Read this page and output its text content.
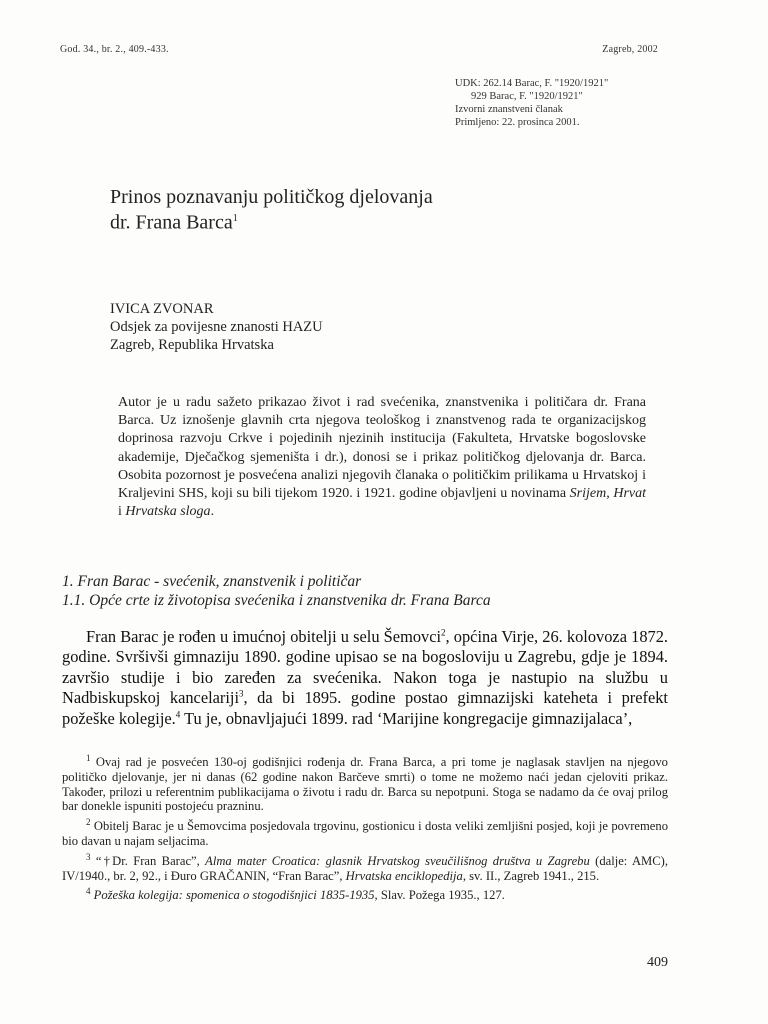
God. 34., br. 2., 409.-433.	Zagreb, 2002
UDK: 262.14 Barac, F. "1920/1921"
929 Barac, F. "1920/1921"
Izvorni znanstveni članak
Primljeno: 22. prosinca 2001.
Prinos poznavanju političkog djelovanja
dr. Frana Barca$^1$
IVICA ZVONAR
Odsjek za povijesne znanosti HAZU
Zagreb, Republika Hrvatska

Autor je u radu sažeto prikazao život i rad svećenika, znanstvenika i političara dr. Frana Barca. Uz iznošenje glavnih crta njegova teološkog i znanstvenog rada te organizacijskog doprinosa razvoju Crkve i pojedinih njezinih institucija (Fakulteta, Hrvatske bogoslovske akademije, Dječačkog sjemeništa i dr.), donosi se i prikaz političkog djelovanja dr. Barca. Osobita pozornost je posvećena analizi njegovih članaka o političkim prilikama u Hrvatskoj i Kraljevini SHS, koji su bili tijekom 1920. i 1921. godine objavljeni u novinama Srijem, Hrvat i Hrvatska sloga.

1. Fran Barac - svećenik, znanstvenik i političar
1.1. Opće crte iz životopisa svećenika i znanstvenika dr. Frana Barca

Fran Barac je rođen u imućnoj obitelji u selu Šemovci$^2$, općina Virje, 26. kolovoza 1872. godine. Svršivši gimnaziju 1890. godine upisao se na bogosloviju u Zagrebu, gdje je 1894. završio studije i bio zaređen za svećenika. Nakon toga je nastupio na službu u Nadbiskupskoj kancelariji$^3$, da bi 1895. godine postao gimnazijski kateheta i prefekt požeške kolegije.$^4$ Tu je, obnavljajući 1899. rad ‘Marijine kongregacije gimnazijalaca’,

$^1$ Ovaj rad je posvećen 130-oj godišnjici rođenja dr. Frana Barca, a pri tome je naglasak stavljen na njegovo političko djelovanje, jer ni danas (62 godine nakon Barčeve smrti) o tome ne možemo naći jedan cjeloviti prikaz. Također, prilozi u referentnim publikacijama o životu i radu dr. Barca su nepotpuni. Stoga se nadamo da će ovaj prilog bar donekle ispuniti postojeću prazninu.

$^2$ Obitelj Barac je u Šemovcima posjedovala trgovinu, gostionicu i dosta veliki zemljišni posjed, koji je povremeno bio davan u najam seljacima.

$^3$ “†Dr. Fran Barac”, Alma mater Croatica: glasnik Hrvatskog sveučilišnog društva u Zagrebu (dalje: AMC), IV/1940., br. 2, 92., i Đuro GRAČANIN, “Fran Barac”, Hrvatska enciklopedija, sv. II., Zagreb 1941., 215.

$^4$ Požeška kolegija: spomenica o stogodišnjici 1835-1935, Slav. Požega 1935., 127.

409
